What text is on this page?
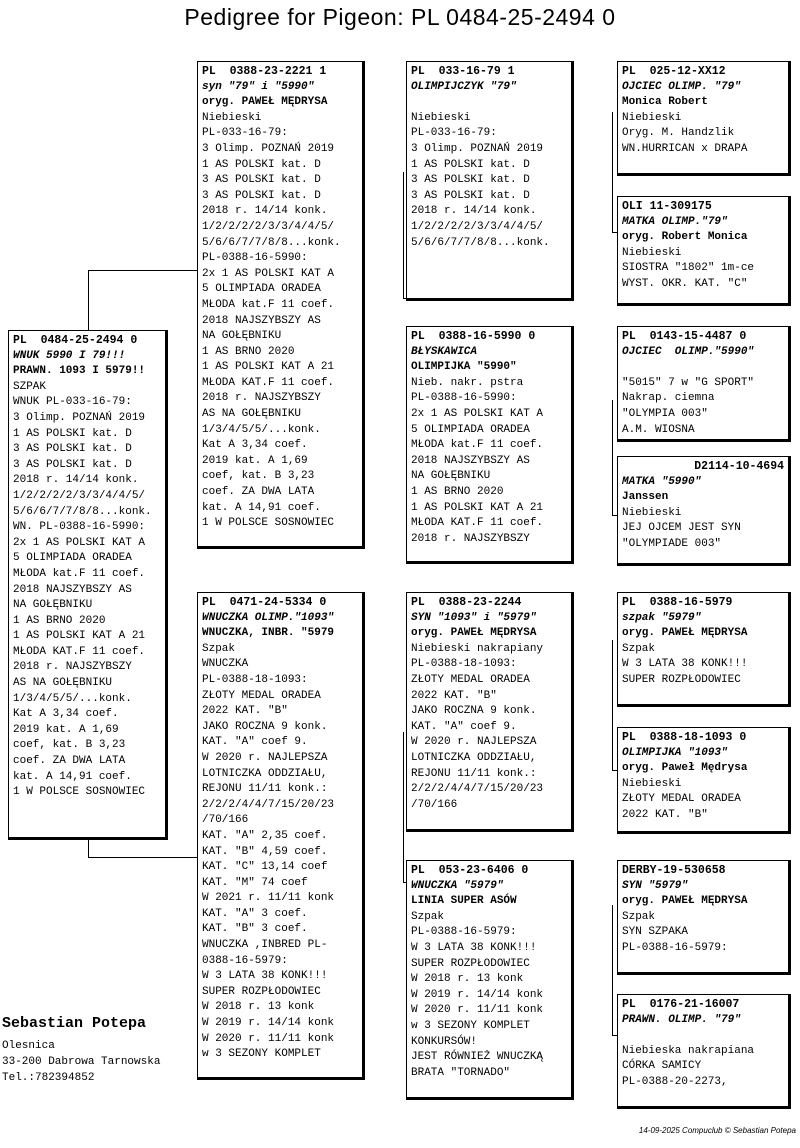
Pedigree for Pigeon: PL 0484-25-2494 0
PL  0484-25-2494 0
WNUK 5990 I 79!!!
PRAWN. 1093 I 5979!!
SZPAK
WNUK PL-033-16-79:
3 Olimp. POZNAŃ 2019
1 AS POLSKI kat. D
3 AS POLSKI kat. D
3 AS POLSKI kat. D
2018 r. 14/14 konk.
1/2/2/2/2/3/3/4/4/5/
5/6/6/7/7/8/8...konk.
WN. PL-0388-16-5990:
2x 1 AS POLSKI KAT A
5 OLIMPIADA ORADEA
MŁODA kat.F 11 coef.
2018 NAJSZYBSZY AS
NA GOŁĘBNIKU
1 AS BRNO 2020
1 AS POLSKI KAT A 21
MŁODA KAT.F 11 coef.
2018 r. NAJSZYBSZY
AS NA GOŁĘBNIKU
1/3/4/5/5/...konk.
Kat A 3,34 coef.
2019 kat. A 1,69
coef, kat. B 3,23
coef. ZA DWA LATA
kat. A 14,91 coef.
1 W POLSCE SOSNOWIEC
PL  0388-23-2221 1
syn "79" i "5990"
oryg. PAWEŁ MĘDRYSA
Niebieski
PL-033-16-79:
3 Olimp. POZNAŃ 2019
1 AS POLSKI kat. D
3 AS POLSKI kat. D
3 AS POLSKI kat. D
2018 r. 14/14 konk.
1/2/2/2/2/3/3/4/4/5/
5/6/6/7/7/8/8...konk.
PL-0388-16-5990:
2x 1 AS POLSKI KAT A
5 OLIMPIADA ORADEA
MŁODA kat.F 11 coef.
2018 NAJSZYBSZY AS
NA GOŁĘBNIKU
1 AS BRNO 2020
1 AS POLSKI KAT A 21
MŁODA KAT.F 11 coef.
2018 r. NAJSZYBSZY
AS NA GOŁĘBNIKU
1/3/4/5/5/...konk.
Kat A 3,34 coef.
2019 kat. A 1,69
coef, kat. B 3,23
coef. ZA DWA LATA
kat. A 14,91 coef.
1 W POLSCE SOSNOWIEC
PL  0471-24-5334 0
WNUCZKA OLIMP."1093"
WNUCZKA, INBR. "5979
Szpak
WNUCZKA
PL-0388-18-1093:
ZŁOTY MEDAL ORADEA
2022 KAT. "B"
JAKO ROCZNA 9 konk.
KAT. "A" coef 9.
W 2020 r. NAJLEPSZA
LOTNICZKA ODDZIAŁU,
REJONU 11/11 konk.:
2/2/2/4/4/7/15/20/23
/70/166
KAT. "A" 2,35 coef.
KAT. "B" 4,59 coef.
KAT. "C" 13,14 coef
KAT. "M" 74 coef
W 2021 r. 11/11 konk
KAT. "A" 3 coef.
KAT. "B" 3 coef.
WNUCZKA ,INBRED PL-
0388-16-5979:
W 3 LATA 38 KONK!!!
SUPER ROZPŁODOWIEC
W 2018 r. 13 konk
W 2019 r. 14/14 konk
W 2020 r. 11/11 konk
w 3 SEZONY KOMPLET
PL  033-16-79 1
OLIMPIJCZYK "79"

Niebieski
PL-033-16-79:
3 Olimp. POZNAŃ 2019
1 AS POLSKI kat. D
3 AS POLSKI kat. D
3 AS POLSKI kat. D
2018 r. 14/14 konk.
1/2/2/2/2/3/3/4/4/5/
5/6/6/7/7/8/8...konk.
PL  0388-16-5990 0
BŁYSKAWICA
OLIMPIJKA "5990"
Nieb. nakr. pstra
PL-0388-16-5990:
2x 1 AS POLSKI KAT A
5 OLIMPIADA ORADEA
MŁODA kat.F 11 coef.
2018 NAJSZYBSZY AS
NA GOŁĘBNIKU
1 AS BRNO 2020
1 AS POLSKI KAT A 21
MŁODA KAT.F 11 coef.
2018 r. NAJSZYBSZY
PL  0388-23-2244
SYN "1093" i "5979"
oryg. PAWEŁ MĘDRYSA
Niebieski nakrapiany
PL-0388-18-1093:
ZŁOTY MEDAL ORADEA
2022 KAT. "B"
JAKO ROCZNA 9 konk.
KAT. "A" coef 9.
W 2020 r. NAJLEPSZA
LOTNICZKA ODDZIAŁU,
REJONU 11/11 konk.:
2/2/2/4/4/7/15/20/23
/70/166
PL  053-23-6406 0
WNUCZKA "5979"
LINIA SUPER ASÓW
Szpak
PL-0388-16-5979:
W 3 LATA 38 KONK!!!
SUPER ROZPŁODOWIEC
W 2018 r. 13 konk
W 2019 r. 14/14 konk
W 2020 r. 11/11 konk
w 3 SEZONY KOMPLET
KONKURSÓW!
JEST RÓWNIEŻ WNUCZKĄ
BRATA "TORNADO"
PL  025-12-XX12
OJCIEC OLIMP. "79"
Monica Robert
Niebieski
Oryg. M. Handzlik
WN.HURRICAN x DRAPA
OLI 11-309175
MATKA OLIMP."79"
oryg. Robert Monica
Niebieski
SIOSTRA "1802" 1m-ce
WYST. OKR. KAT. "C"
PL  0143-15-4487 0
OJCIEC  OLIMP."5990"

"5015" 7 w "G SPORT"
Nakrap. ciemna
"OLYMPIA 003"
A.M. WIOSNA
D2114-10-4694
MATKA "5990"
Janssen
Niebieski
JEJ OJCEM JEST SYN
"OLYMPIADE 003"
PL  0388-16-5979
szpak "5979"
oryg. PAWEŁ MĘDRYSA
Szpak
W 3 LATA 38 KONK!!!
SUPER ROZPŁODOWIEC
PL  0388-18-1093 0
OLIMPIJKA "1093"
oryg. Paweł Mędrysa
Niebieski
ZŁOTY MEDAL ORADEA
2022 KAT. "B"
DERBY-19-530658
SYN "5979"
oryg. PAWEŁ MĘDRYSA
Szpak
SYN SZPAKA
PL-0388-16-5979:
PL  0176-21-16007
PRAWN. OLIMP. "79"

Niebieska nakrapiana
CÓRKA SAMICY
PL-0388-20-2273,
Sebastian Potepa
Olesnica
33-200 Dabrowa Tarnowska
Tel.:782394852
14-09-2025 Compuclub © Sebastian Potepa
